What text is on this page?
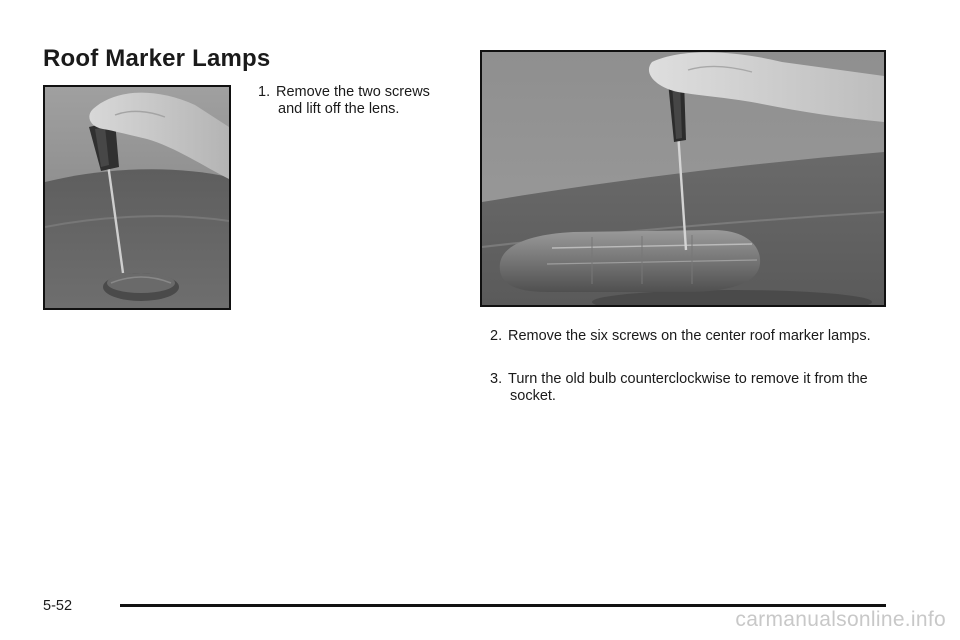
Roof Marker Lamps
1. Remove the two screws and lift off the lens.
2. Remove the six screws on the center roof marker lamps.
3. Turn the old bulb counterclockwise to remove it from the socket.
5-52
carmanualsonline.info
